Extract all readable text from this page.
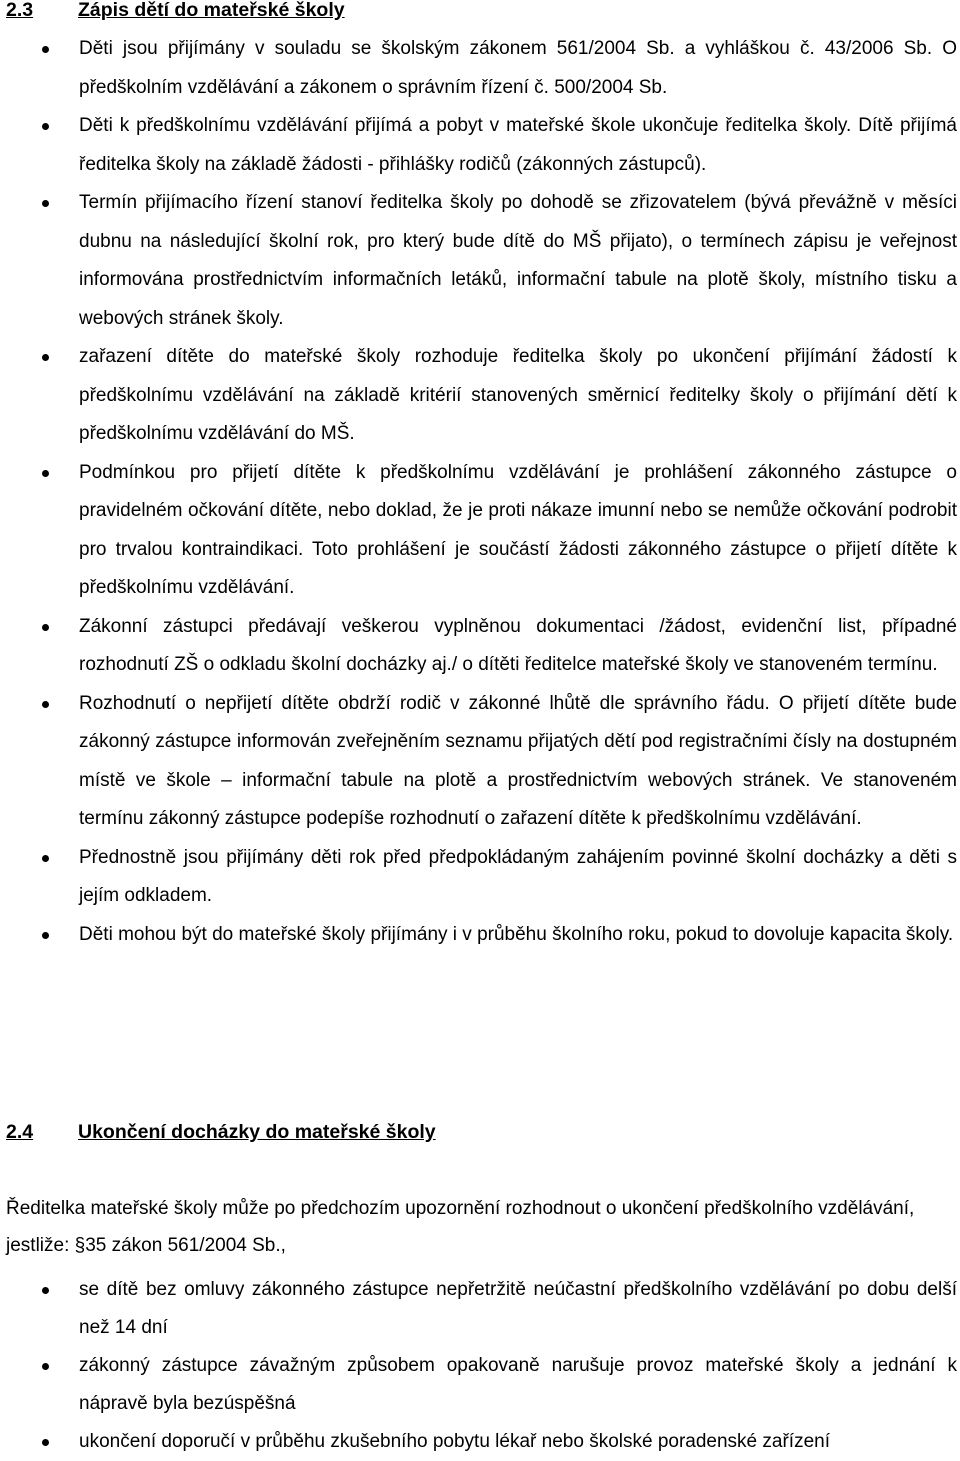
2.3 Zápis dětí do mateřské školy
Děti jsou přijímány v souladu se školským zákonem 561/2004 Sb. a vyhláškou č. 43/2006 Sb. O předškolním vzdělávání a zákonem o správním řízení č. 500/2004 Sb.
Děti k předškolnímu vzdělávání přijímá a pobyt v mateřské škole ukončuje ředitelka školy. Dítě přijímá ředitelka školy na základě žádosti - přihlášky rodičů (zákonných zástupců).
Termín přijímacího řízení stanoví ředitelka školy po dohodě se zřizovatelem (bývá převážně v měsíci dubnu na následující školní rok, pro který bude dítě do MŠ přijato), o termínech zápisu je veřejnost informována prostřednictvím informačních letáků, informační tabule na plotě školy, místního tisku a webových stránek školy.
zařazení dítěte do mateřské školy rozhoduje ředitelka školy po ukončení přijímání žádostí k předškolnímu vzdělávání na základě kritérií stanovených směrnicí ředitelky školy o přijímání dětí k předškolnímu vzdělávání do MŠ.
Podmínkou pro přijetí dítěte k předškolnímu vzdělávání je prohlášení zákonného zástupce o pravidelném očkování dítěte, nebo doklad, že je proti nákaze imunní nebo se nemůže očkování podrobit pro trvalou kontraindikaci. Toto prohlášení je součástí žádosti zákonného zástupce o přijetí dítěte k předškolnímu vzdělávání.
Zákonní zástupci předávají veškerou vyplněnou dokumentaci /žádost, evidenční list, případné rozhodnutí ZŠ o odkladu školní docházky aj./ o dítěti ředitelce mateřské školy ve stanoveném termínu.
Rozhodnutí o nepřijetí dítěte obdrží rodič v zákonné lhůtě dle správního řádu. O přijetí dítěte bude zákonný zástupce informován zveřejněním seznamu přijatých dětí pod registračními čísly na dostupném místě ve škole – informační tabule na plotě a prostřednictvím webových stránek. Ve stanoveném termínu zákonný zástupce podepíše rozhodnutí o zařazení dítěte k předškolnímu vzdělávání.
Přednostně jsou přijímány děti rok před předpokládaným zahájením povinné školní docházky a děti s jejím odkladem.
Děti mohou být do mateřské školy přijímány i v průběhu školního roku, pokud to dovoluje kapacita školy.
2.4 Ukončení docházky do mateřské školy
Ředitelka mateřské školy může po předchozím upozornění rozhodnout o ukončení předškolního vzdělávání, jestliže: §35 zákon 561/2004 Sb.,
se dítě bez omluvy zákonného zástupce nepřetržitě neúčastní předškolního vzdělávání po dobu delší než 14 dní
zákonný zástupce závažným způsobem opakovaně narušuje provoz mateřské školy a jednání k nápravě byla bezúspěšná
ukončení doporučí v průběhu zkušebního pobytu lékař nebo školské poradenské zařízení
